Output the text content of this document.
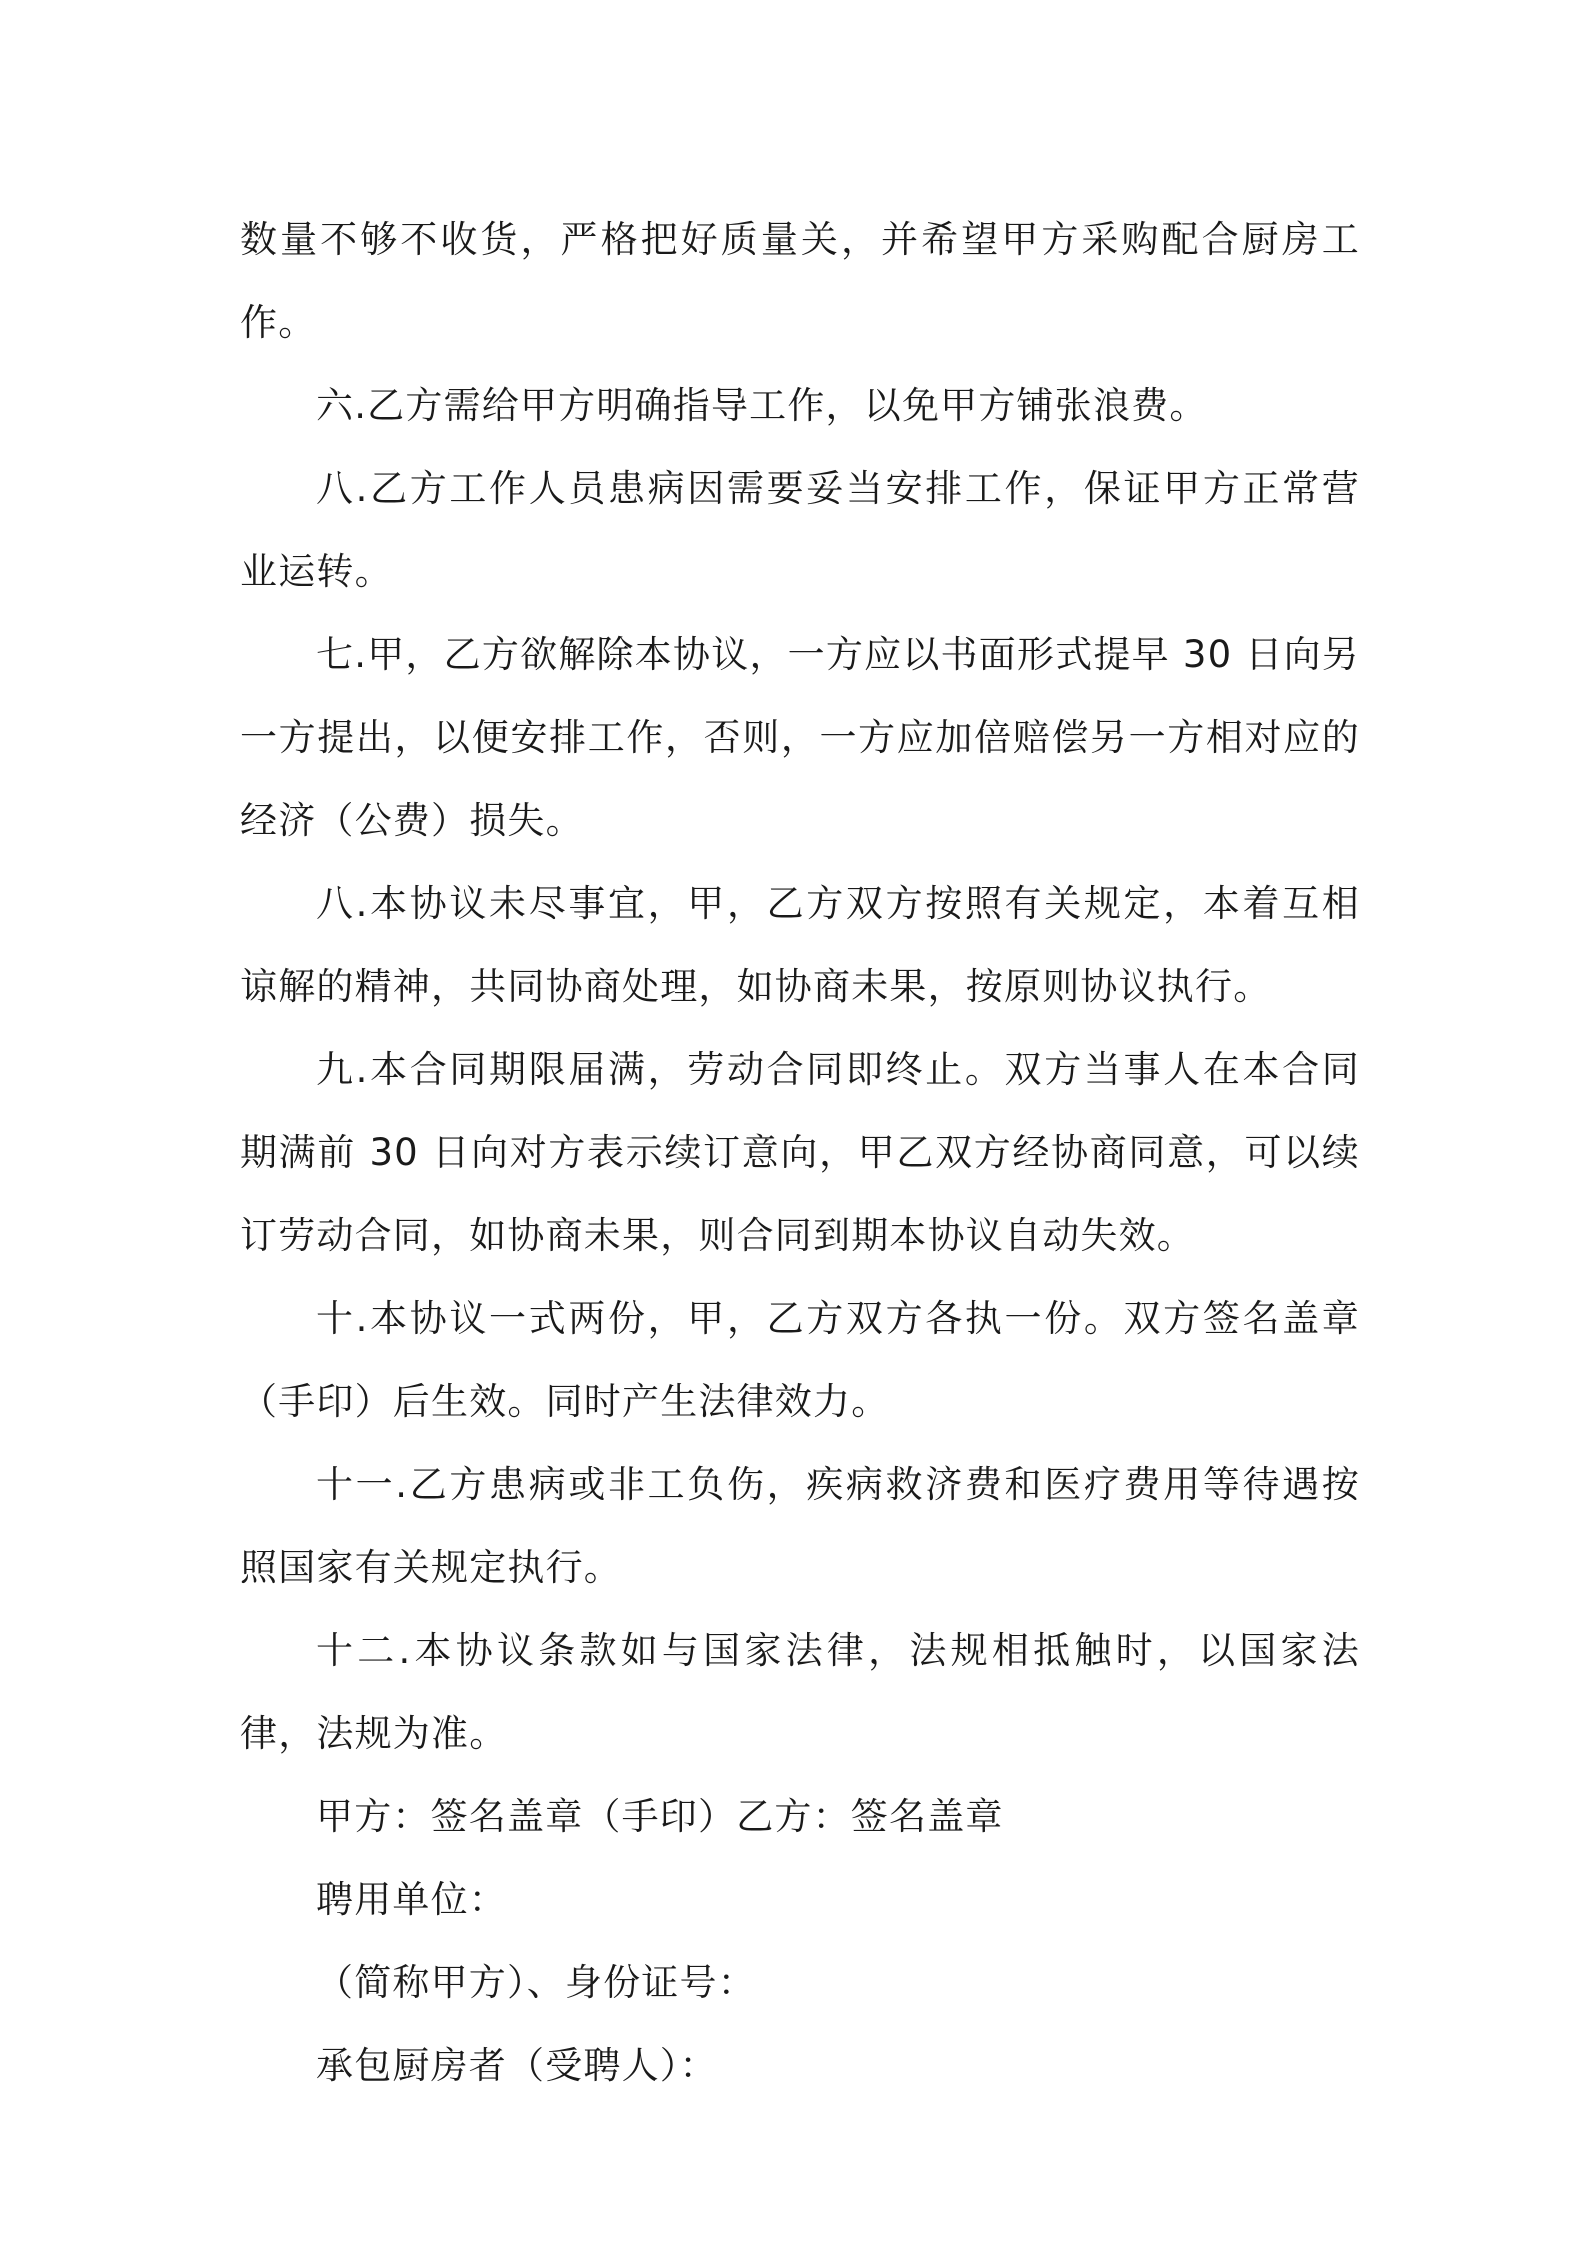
数量不够不收货，严格把好质量关，并希望甲方采购配合厨房工作。

六.乙方需给甲方明确指导工作，以免甲方铺张浪费。

八.乙方工作人员患病因需要妥当安排工作，保证甲方正常营业运转。

七.甲，乙方欲解除本协议，一方应以书面形式提早 30 日向另一方提出，以便安排工作，否则，一方应加倍赔偿另一方相对应的经济（公费）损失。

八.本协议未尽事宜，甲，乙方双方按照有关规定，本着互相谅解的精神，共同协商处理，如协商未果，按原则协议执行。

九.本合同期限届满，劳动合同即终止。双方当事人在本合同期满前 30 日向对方表示续订意向，甲乙双方经协商同意，可以续订劳动合同，如协商未果，则合同到期本协议自动失效。

十.本协议一式两份，甲，乙方双方各执一份。双方签名盖章（手印）后生效。同时产生法律效力。

十一.乙方患病或非工负伤，疾病救济费和医疗费用等待遇按照国家有关规定执行。

十二.本协议条款如与国家法律，法规相抵触时，以国家法律，法规为准。

甲方：签名盖章（手印）乙方：签名盖章
聘用单位：
（简称甲方）、身份证号：
承包厨房者（受聘人）：
